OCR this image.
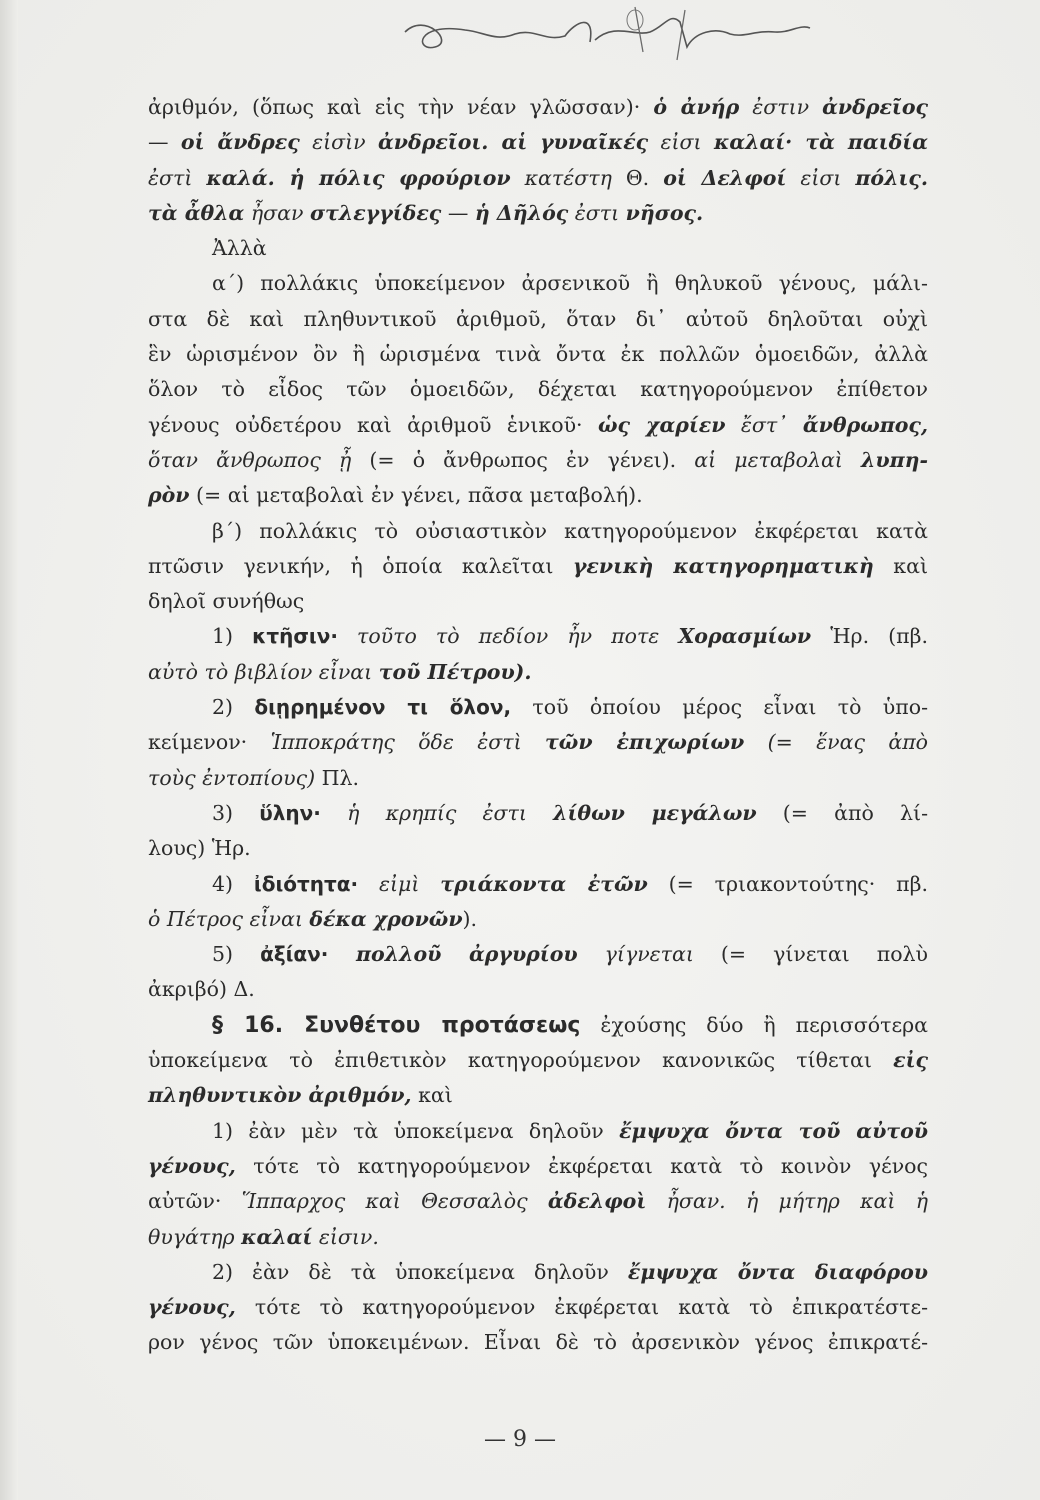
ἀριθμόν, (ὅπως καὶ εἰς τὴν νέαν γλῶσσαν)· ὁ ἀνήρ ἐστιν ἀνδρεῖος
— οἱ ἄνδρες εἰσὶν ἀνδρεῖοι. αἱ γυναῖκές εἰσι καλαί· τὰ παιδία
ἐστὶ καλά. ἡ πόλις φρούριον κατέστη Θ. οἱ Δελφοί εἰσι πόλις.
τὰ ἆθλα ἦσαν στλεγγίδες — ἡ Δῆλός ἐστι νῆσος.
Ἀλλὰ
α΄) πολλάκις ὑποκείμενον ἀρσενικοῦ ἢ θηλυκοῦ γένους, μάλι-
στα δὲ καὶ πληθυντικοῦ ἀριθμοῦ, ὅταν δι᾽ αὐτοῦ δηλοῦται οὐχὶ
ἓν ὡρισμένον ὂν ἢ ὡρισμένα τινὰ ὄντα ἐκ πολλῶν ὁμοειδῶν, ἀλλὰ
ὅλον τὸ εἶδος τῶν ὁμοειδῶν, δέχεται κατηγορούμενον ἐπίθετον
γένους οὐδετέρου καὶ ἀριθμοῦ ἑνικοῦ· ὡς χαρίεν ἔστ᾽ ἄνθρωπος,
ὅταν ἄνθρωπος ᾖ (= ὁ ἄνθρωπος ἐν γένει). αἱ μεταβολαὶ λυπη-
ρὸν (= αἱ μεταβολαὶ ἐν γένει, πᾶσα μεταβολή).
β΄) πολλάκις τὸ οὐσιαστικὸν κατηγορούμενον ἐκφέρεται κατὰ
πτῶσιν γενικήν, ἡ ὁποία καλεῖται γενικὴ κατηγορηματικὴ καὶ
δηλοῖ συνήθως
1) κτῆσιν· τοῦτο τὸ πεδίον ἦν ποτε Χορασμίων Ἡρ. (πβ.
αὐτὸ τὸ βιβλίον εἶναι τοῦ Πέτρου).
2) διῃρημένον τι ὅλον, τοῦ ὁποίου μέρος εἶναι τὸ ὑπο-
κείμενον· Ἱπποκράτης ὅδε ἐστὶ τῶν ἐπιχωρίων (= ἕνας ἀπὸ
τοὺς ἐντοπίους) Πλ.
3) ὕλην· ἡ κρηπίς ἐστι λίθων μεγάλων (= ἀπὸ λί-
λους) Ἡρ.
4) ἰδιότητα· εἰμὶ τριάκοντα ἐτῶν (= τριακοντούτης· πβ.
ὁ Πέτρος εἶναι δέκα χρονῶν).
5) ἀξίαν· πολλοῦ ἀργυρίου γίγνεται (= γίνεται πολὺ
ἀκριβό) Δ.
§ 16. Συνθέτου προτάσεως ἐχούσης δύο ἢ περισσότερα
ὑποκείμενα τὸ ἐπιθετικὸν κατηγορούμενον κανονικῶς τίθεται εἰς
πληθυντικὸν ἀριθμόν, καὶ
1) ἐὰν μὲν τὰ ὑποκείμενα δηλοῦν ἔμψυχα ὄντα τοῦ αὐτοῦ
γένους, τότε τὸ κατηγορούμενον ἐκφέρεται κατὰ τὸ κοινὸν γένος
αὐτῶν· Ἵππαρχος καὶ Θεσσαλὸς ἀδελφοὶ ἦσαν. ἡ μήτηρ καὶ ἡ
θυγάτηρ καλαί εἰσιν.
2) ἐὰν δὲ τὰ ὑποκείμενα δηλοῦν ἔμψυχα ὄντα διαφόρου
γένους, τότε τὸ κατηγορούμενον ἐκφέρεται κατὰ τὸ ἐπικρατέστε-
ρον γένος τῶν ὑποκειμένων. Εἶναι δὲ τὸ ἀρσενικὸν γένος ἐπικρατέ-
— 9 —
